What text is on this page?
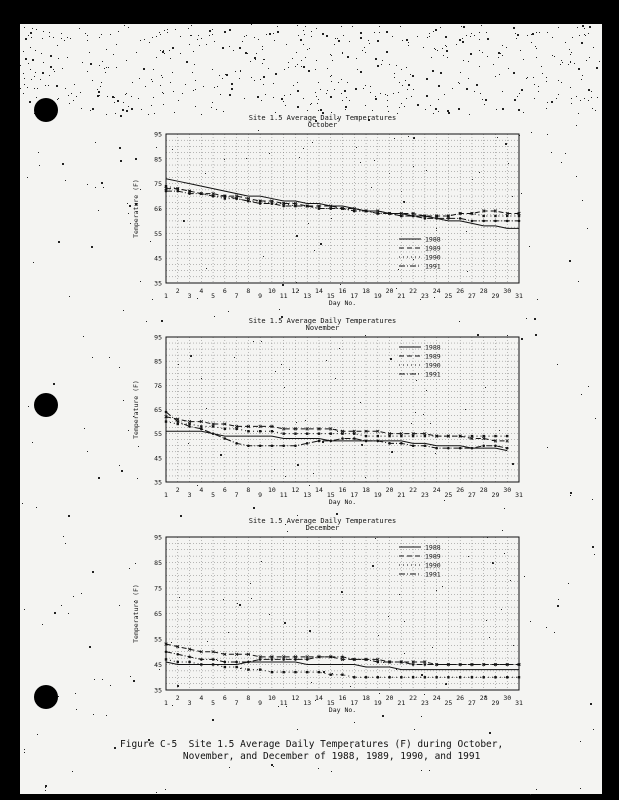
Site 1.5 Average Daily Temperatures
October
35
45
55
65
75
85
95
1
2
3
4
5
6
7
8
9
10
11
12
13
14
15
16
17
18
19
20
21
22
23
24
25
26
27
28
29
30
31
Day No.
Temperature (F)
1988
1989
1990
1991
Site 1.5 Average Daily Temperatures
November
35
45
55
65
75
85
95
1
2
3
4
5
6
7
8
9
10
11
12
13
14
15
16
17
18
19
20
21
22
23
24
25
26
27
28
29
30
31
Day No.
Temperature (F)
1988
1989
1990
1991
Site 1.5 Average Daily Temperatures
December
35
45
55
65
75
85
95
1
2
3
4
5
6
7
8
9
10
11
12
13
14
15
16
17
18
19
20
21
22
23
24
25
26
27
28
29
30
31
Day No.
Temperature (F)
1988
1989
1990
1991
Figure C-5  Site 1.5 Average Daily Temperatures (F) during October,
November, and December of 1988, 1989, 1990, and 1991
